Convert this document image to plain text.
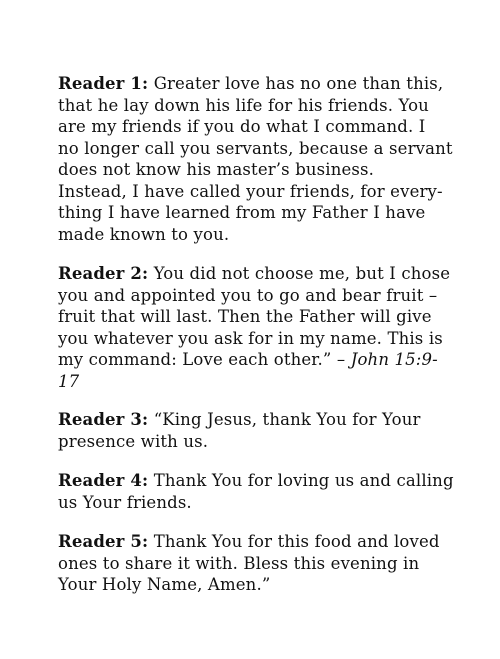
Reader 1: Greater love has no one than this,
that he lay down his life for his friends. You
are my friends if you do what I command. I
no longer call you servants, because a servant
does not know his master’s business.
Instead, I have called your friends, for every-
thing I have learned from my Father I have
made known to you.
Reader 2: You did not choose me, but I chose
you and appointed you to go and bear fruit –
fruit that will last. Then the Father will give
you whatever you ask for in my name. This is
my command: Love each other.” – John 15:9-
17
Reader 3: “King Jesus, thank You for Your
presence with us.
Reader 4: Thank You for loving us and calling
us Your friends.
Reader 5: Thank You for this food and loved
ones to share it with. Bless this evening in
Your Holy Name, Amen.”
